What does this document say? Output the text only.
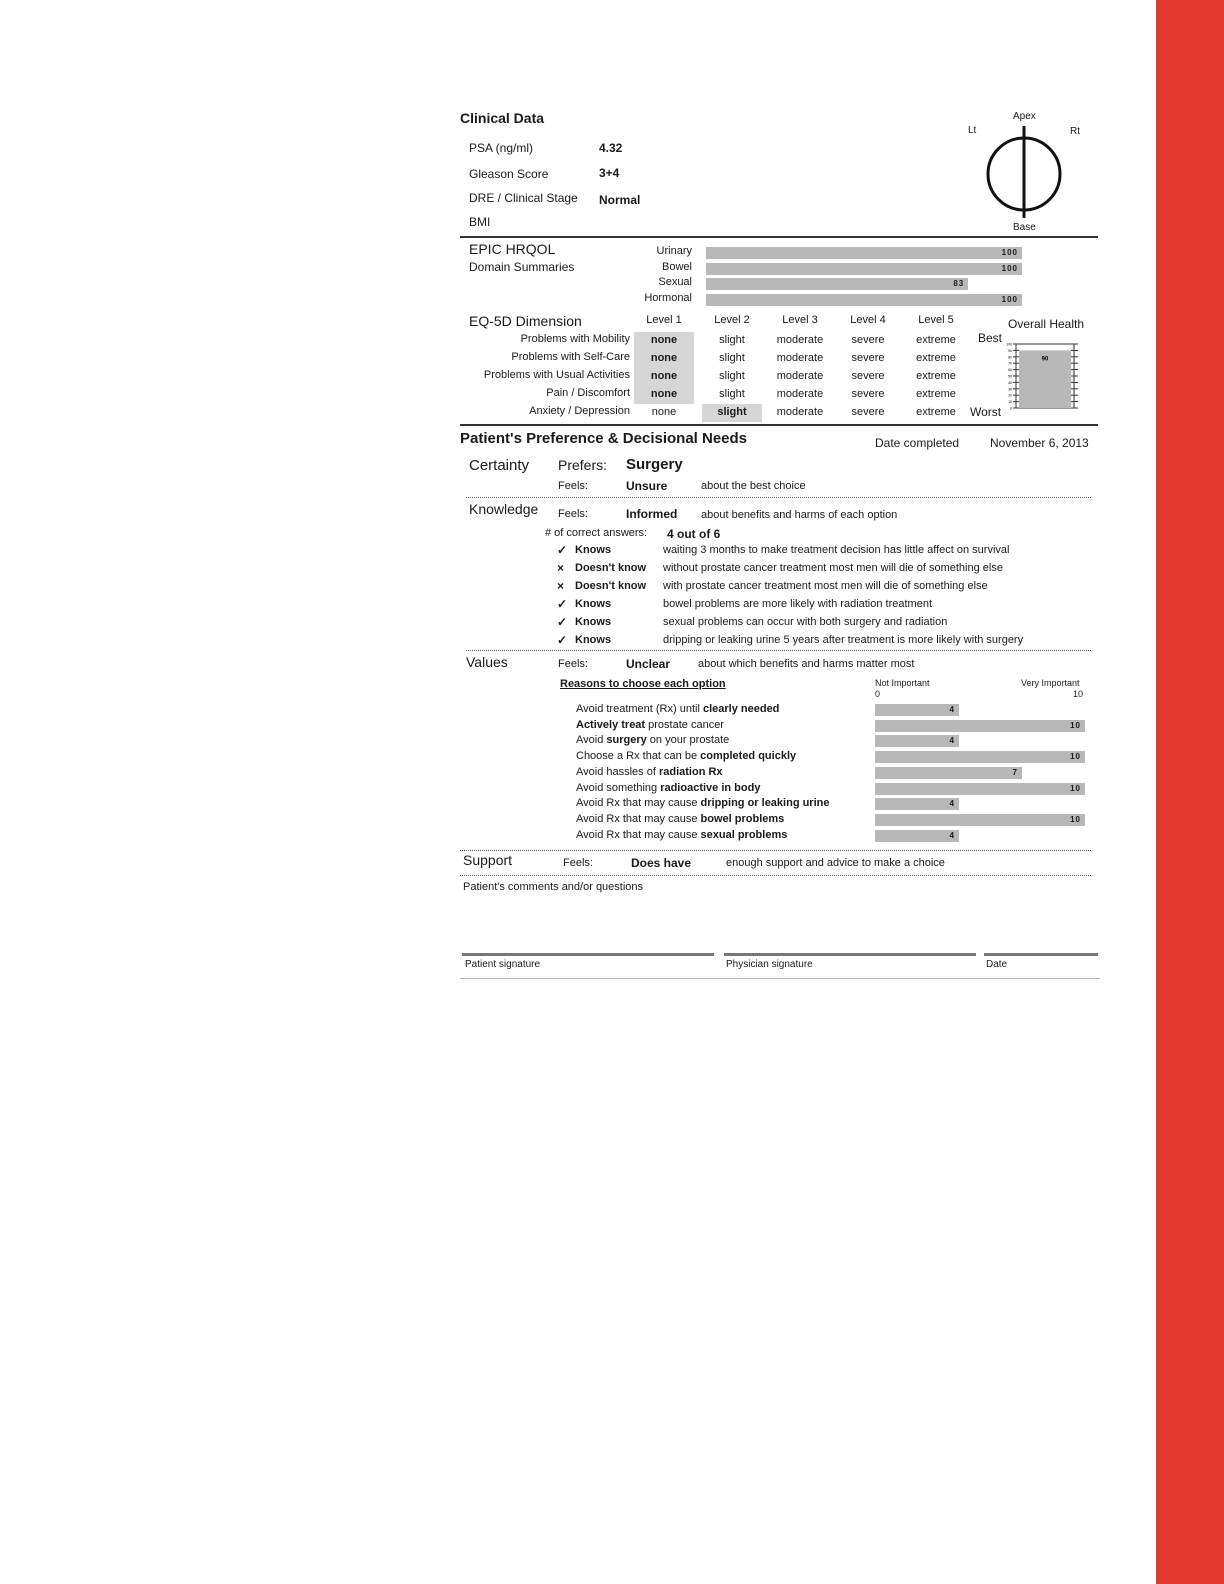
Clinical Data
PSA (ng/ml)	4.32
Gleason Score	3+4
DRE / Clinical Stage Normal
BMI
Apex
Lt	Rt
Base
EPIC HRQOL
Domain Summaries
Urinary	100
Bowel	100
Sexual	83
Hormonal	100
EQ-5D Dimension	Level 1	Level 2	Level 3	Level 4	Level 5
Problems with Mobility	none	slight	moderate	severe	extreme
Problems with Self-Care	none	slight	moderate	severe	extreme
Problems with Usual Activities	none	slight	moderate	severe	extreme
Pain / Discomfort	none	slight	moderate	severe	extreme
Anxiety / Depression	none	slight	moderate	severe	extreme
Overall Health
Best
Worst
100
90
80
70
60
50
40
30
20
10
0
90
Patient's Preference & Decisional Needs	Date completed	November 6, 2013
Certainty Prefers: Surgery
Feels:	Unsure	about the best choice
Knowledge Feels:	Informed about benefits and harms of each option
# of correct answers: 4 out of 6
✓ Knows	waiting 3 months to make treatment decision has little affect on survival
× Doesn't know without prostate cancer treatment most men will die of something else
× Doesn't know with prostate cancer treatment most men will die of something else
✓ Knows	bowel problems are more likely with radiation treatment
✓ Knows	sexual problems can occur with both surgery and radiation
✓ Knows	dripping or leaking urine 5 years after treatment is more likely with surgery
Values	Feels:	Unclear	about which benefits and harms matter most
Reasons to choose each option	Not Important
0
Very Important
10
Avoid treatment (Rx) until clearly needed	4
Actively treat prostate cancer	10
Avoid surgery on your prostate	4
Choose a Rx that can be completed quickly	10
Avoid hassles of radiation Rx	7
Avoid something radioactive in body	10
Avoid Rx that may cause dripping or leaking urine	4
Avoid Rx that may cause bowel problems	10
Avoid Rx that may cause sexual problems	4
Support	Feels:	Does have	enough support and advice to make a choice
Patient's comments and/or questions
Patient signature	Physician signature	Date
